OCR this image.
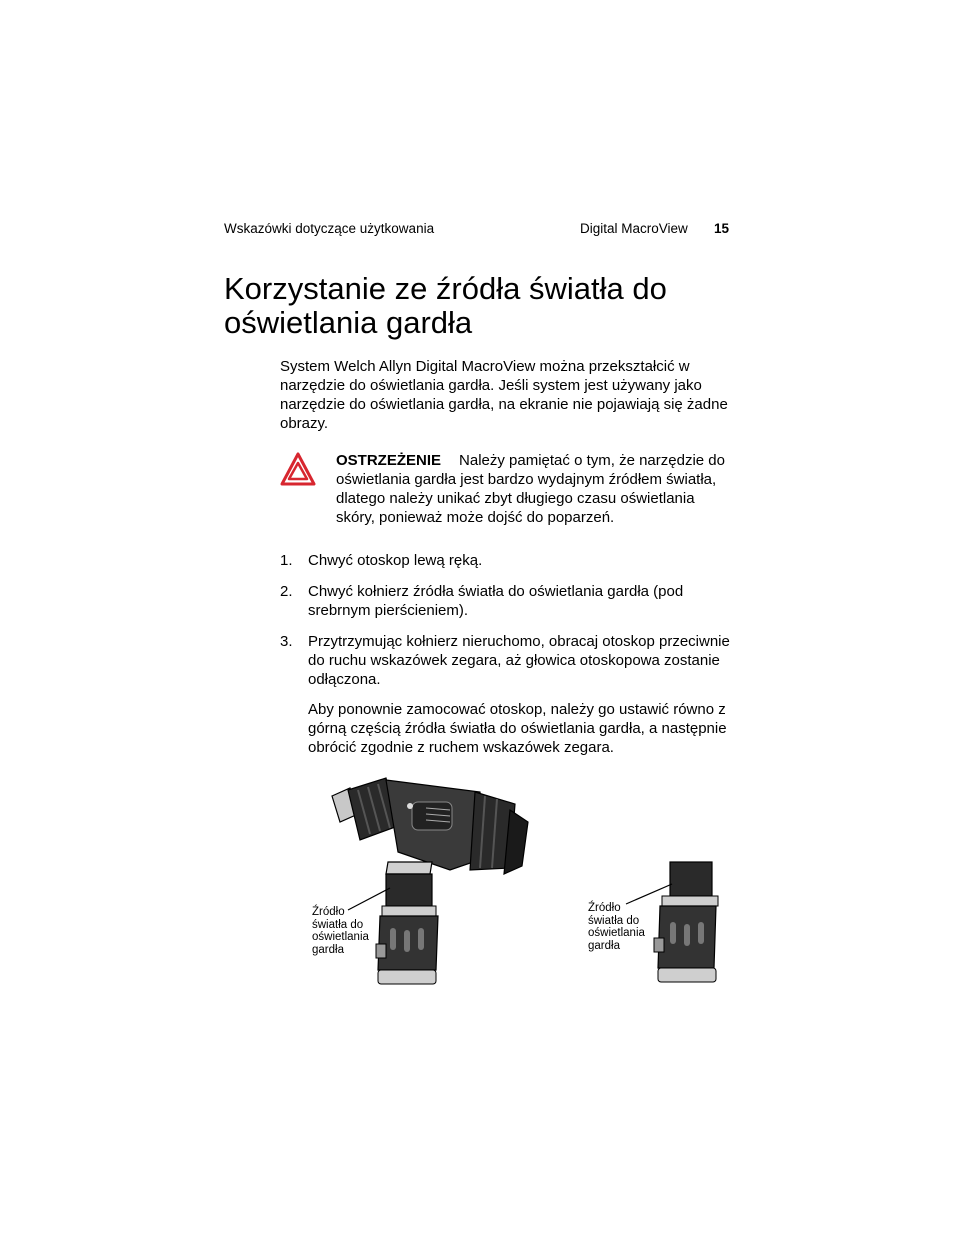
Wskazówki dotyczące użytkowania	Digital MacroView 15
Korzystanie ze źródła światła do oświetlania gardła

System Welch Allyn Digital MacroView można przekształcić w narzędzie do oświetlania gardła. Jeśli system jest używany jako narzędzie do oświetlania gardła, na ekranie nie pojawiają się żadne obrazy.

OSTRZEŻENIE Należy pamiętać o tym, że narzędzie do oświetlania gardła jest bardzo wydajnym źródłem światła, dlatego należy unikać zbyt długiego czasu oświetlania skóry, ponieważ może dojść do poparzeń.

1. Chwyć otoskop lewą ręką.
2. Chwyć kołnierz źródła światła do oświetlania gardła (pod srebrnym pierścieniem).
3. Przytrzymując kołnierz nieruchomo, obracaj otoskop przeciwnie do ruchu wskazówek zegara, aż głowica otoskopowa zostanie odłączona.

Aby ponownie zamocować otoskop, należy go ustawić równo z górną częścią źródła światła do oświetlania gardła, a następnie obrócić zgodnie z ruchem wskazówek zegara.

Źródło
światła do
oświetlania
gardła
Źródło
światła do
oświetlania
gardła
